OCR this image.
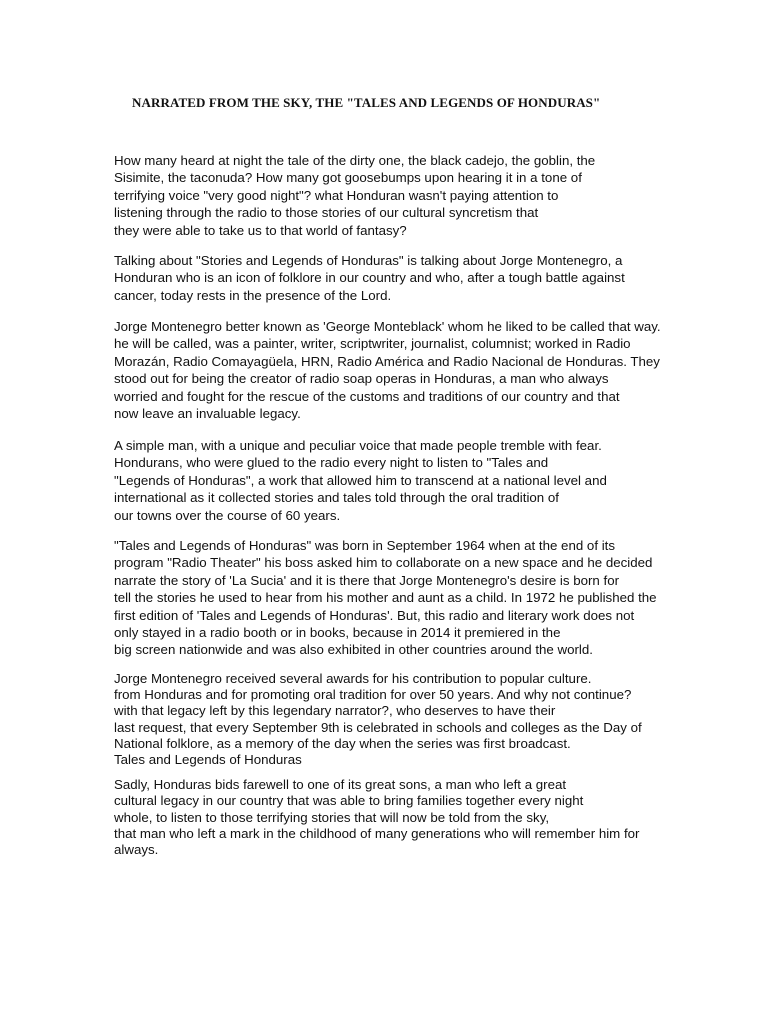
NARRATED FROM THE SKY, THE "TALES AND LEGENDS OF HONDURAS"
How many heard at night the tale of the dirty one, the black cadejo, the goblin, the
Sisimite, the taconuda? How many got goosebumps upon hearing it in a tone of
terrifying voice "very good night"? what Honduran wasn't paying attention to
listening through the radio to those stories of our cultural syncretism that
they were able to take us to that world of fantasy?
Talking about "Stories and Legends of Honduras" is talking about Jorge Montenegro, a
Honduran who is an icon of folklore in our country and who, after a tough battle against
cancer, today rests in the presence of the Lord.
Jorge Montenegro better known as 'George Monteblack' whom he liked to be called that way.
he will be called, was a painter, writer, scriptwriter, journalist, columnist; worked in Radio
Morazán, Radio Comayagüela, HRN, Radio América and Radio Nacional de Honduras. They
stood out for being the creator of radio soap operas in Honduras, a man who always
worried and fought for the rescue of the customs and traditions of our country and that
now leave an invaluable legacy.
A simple man, with a unique and peculiar voice that made people tremble with fear.
Hondurans, who were glued to the radio every night to listen to "Tales and
"Legends of Honduras", a work that allowed him to transcend at a national level and
international as it collected stories and tales told through the oral tradition of
our towns over the course of 60 years.
"Tales and Legends of Honduras" was born in September 1964 when at the end of its
program "Radio Theater" his boss asked him to collaborate on a new space and he decided
narrate the story of 'La Sucia' and it is there that Jorge Montenegro's desire is born for
tell the stories he used to hear from his mother and aunt as a child. In 1972 he published the
first edition of 'Tales and Legends of Honduras'. But, this radio and literary work does not
only stayed in a radio booth or in books, because in 2014 it premiered in the
big screen nationwide and was also exhibited in other countries around the world.
Jorge Montenegro received several awards for his contribution to popular culture.
from Honduras and for promoting oral tradition for over 50 years. And why not continue?
with that legacy left by this legendary narrator?, who deserves to have their
last request, that every September 9th is celebrated in schools and colleges as the Day of
National folklore, as a memory of the day when the series was first broadcast.
Tales and Legends of Honduras
Sadly, Honduras bids farewell to one of its great sons, a man who left a great
cultural legacy in our country that was able to bring families together every night
whole, to listen to those terrifying stories that will now be told from the sky,
that man who left a mark in the childhood of many generations who will remember him for
always.
